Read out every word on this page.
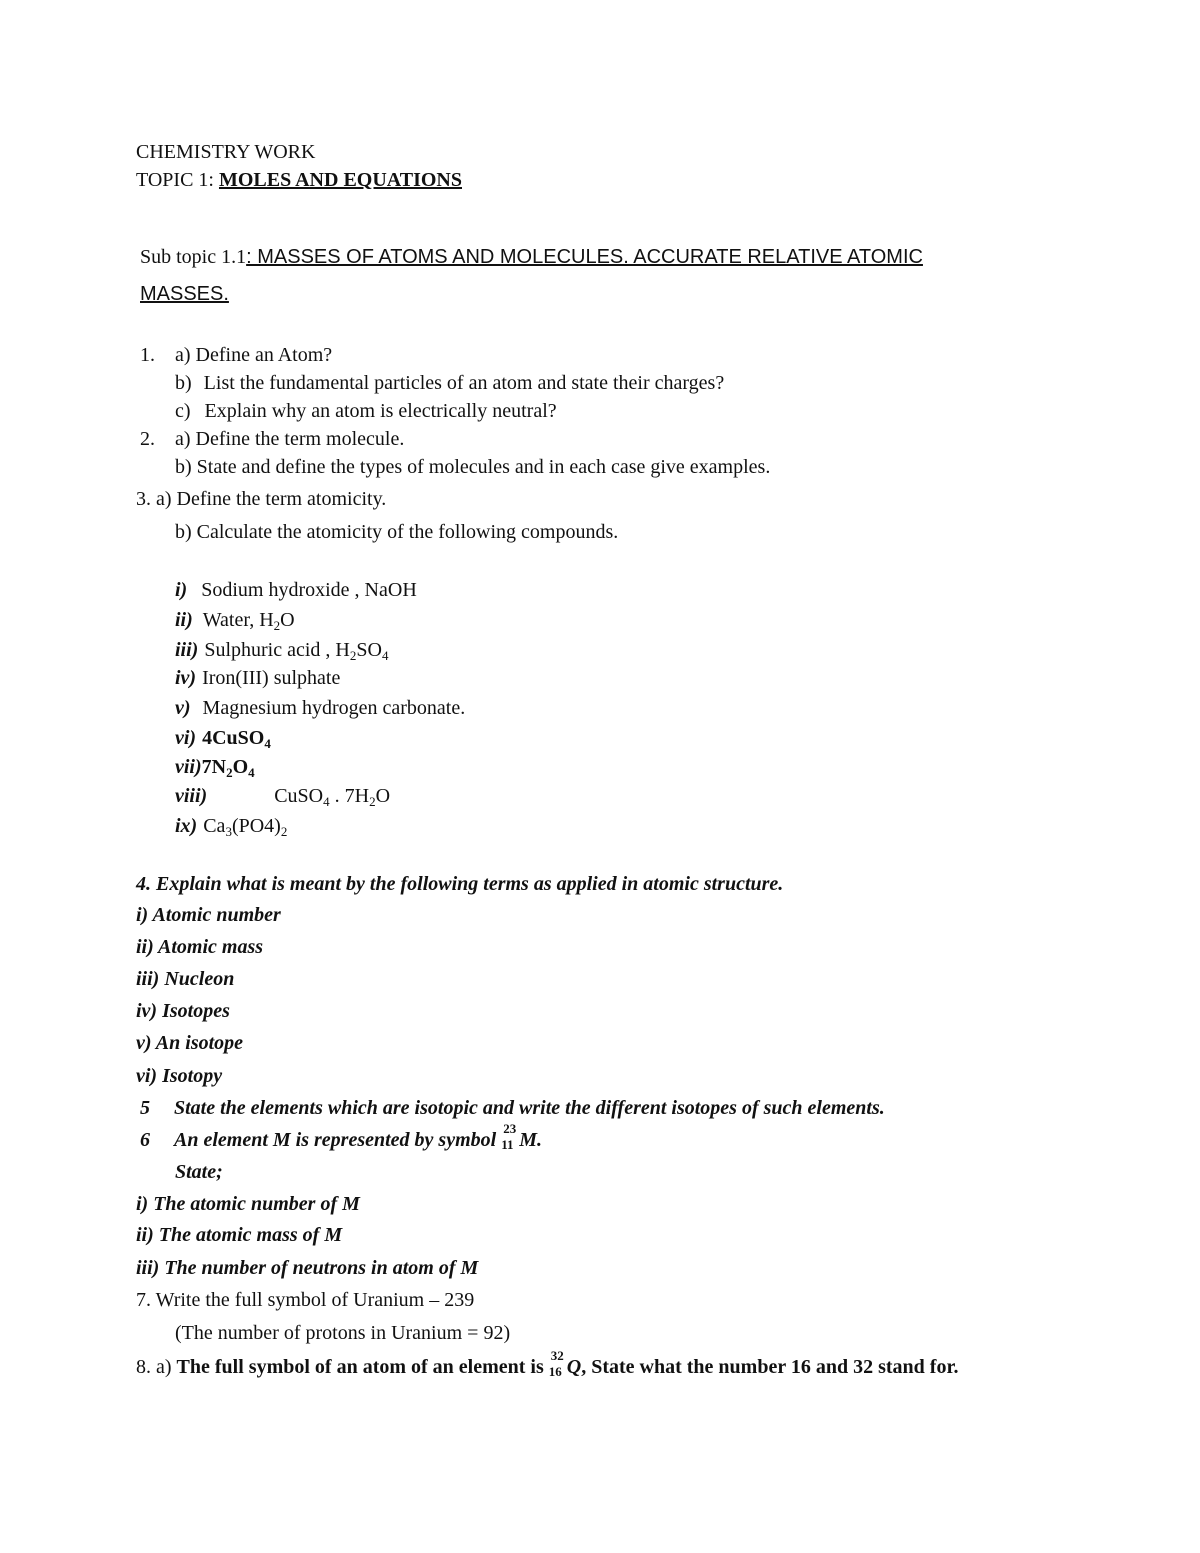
CHEMISTRY WORK
TOPIC 1: MOLES AND EQUATIONS
Sub topic 1.1: MASSES OF ATOMS AND MOLECULES. ACCURATE RELATIVE ATOMIC
MASSES.
1. a) Define an Atom?
b) List the fundamental particles of an atom and state their charges?
c) Explain why an atom is electrically neutral?
2. a) Define the term molecule.
b) State and define the types of molecules and in each case give examples.
3. a) Define the term atomicity.
b) Calculate the atomicity of the following compounds.
i) Sodium hydroxide , NaOH
ii) Water, $H_2O$
iii) Sulphuric acid , $H_2SO_4$
iv) Iron(III) sulphate
v) Magnesium hydrogen carbonate.
vi) 4CuSO$_4$
$vii)7N_2O_4$
viii)	CuSO$_4$ . $7H_2O$
ix) $Ca_3(PO4)_2$
4. Explain what is meant by the following terms as applied in atomic structure.
i) Atomic number
ii) Atomic mass
iii) Nucleon
iv) Isotopes
v) An isotope
vi) Isotopy
5 State the elements which are isotopic and write the different isotopes of such elements.
6 An element M is represented by symbol
23
11 M.
State;
i) The atomic number of M
ii) The atomic mass of M
iii) The number of neutrons in atom of M
7. Write the full symbol of Uranium – 239
(The number of protons in Uranium = 92)
8. a) The full symbol of an atom of an element is
32
16 Q, State what the number 16 and 32 stand for.
